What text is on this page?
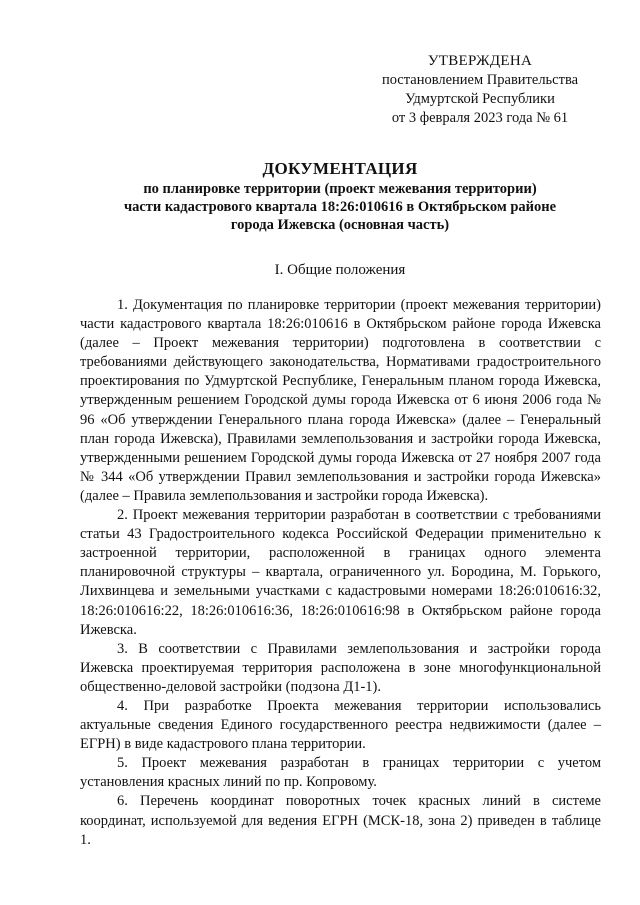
УТВЕРЖДЕНА
постановлением Правительства
Удмуртской Республики
от 3 февраля 2023 года № 61
ДОКУМЕНТАЦИЯ
по планировке территории (проект межевания территории)
части кадастрового квартала 18:26:010616 в Октябрьском районе
города Ижевска (основная часть)
I. Общие положения

1. Документация по планировке территории (проект межевания территории) части кадастрового квартала 18:26:010616 в Октябрьском районе города Ижевска (далее – Проект межевания территории) подготовлена в соответствии с требованиями действующего законодательства, Нормативами градостроительного проектирования по Удмуртской Республике, Генеральным планом города Ижевска, утвержденным решением Городской думы города Ижевска от 6 июня 2006 года № 96 «Об утверждении Генерального плана города Ижевска» (далее – Генеральный план города Ижевска), Правилами землепользования и застройки города Ижевска, утвержденными решением Городской думы города Ижевска от 27 ноября 2007 года № 344 «Об утверждении Правил землепользования и застройки города Ижевска» (далее – Правила землепользования и застройки города Ижевска).

2. Проект межевания территории разработан в соответствии с требованиями статьи 43 Градостроительного кодекса Российской Федерации применительно к застроенной территории, расположенной в границах одного элемента планировочной структуры – квартала, ограниченного ул. Бородина, М. Горького, Лихвинцева и земельными участками с кадастровыми номерами 18:26:010616:32, 18:26:010616:22, 18:26:010616:36, 18:26:010616:98 в Октябрьском районе города Ижевска.

3. В соответствии с Правилами землепользования и застройки города Ижевска проектируемая территория расположена в зоне многофункциональной общественно-деловой застройки (подзона Д1-1).

4. При разработке Проекта межевания территории использовались актуальные сведения Единого государственного реестра недвижимости (далее – ЕГРН) в виде кадастрового плана территории.

5. Проект межевания разработан в границах территории с учетом установления красных линий по пр. Копровому.

6. Перечень координат поворотных точек красных линий в системе координат, используемой для ведения ЕГРН (МСК-18, зона 2) приведен в таблице 1.
